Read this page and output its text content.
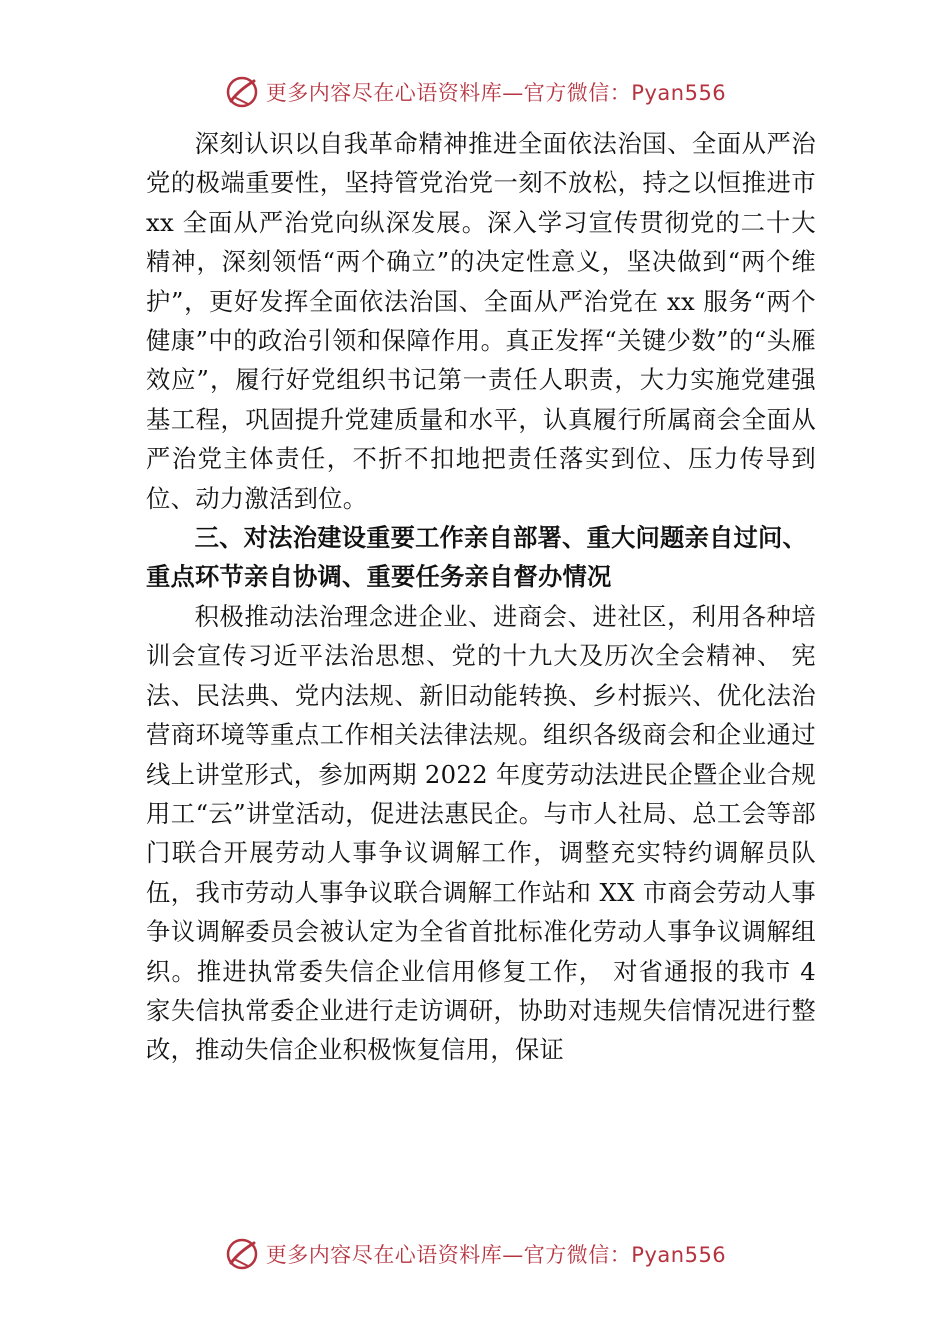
更多内容尽在心语资料库—官方微信：Pyan556

深刻认识以自我革命精神推进全面依法治国、全面从严治党的极端重要性，坚持管党治党一刻不放松，持之以恒推进市 xx 全面从严治党向纵深发展。深入学习宣传贯彻党的二十大精神，深刻领悟“两个确立”的决定性意义，坚决做到“两个维护”，更好发挥全面依法治国、全面从严治党在 xx 服务“两个健康”中的政治引领和保障作用。真正发挥“关键少数”的“头雁效应”，履行好党组织书记第一责任人职责，大力实施党建强基工程，巩固提升党建质量和水平，认真履行所属商会全面从严治党主体责任，不折不扣地把责任落实到位、压力传导到位、动力激活到位。

三、对法治建设重要工作亲自部署、重大问题亲自过问、重点环节亲自协调、重要任务亲自督办情况

积极推动法治理念进企业、进商会、进社区，利用各种培训会宣传习近平法治思想、党的十九大及历次全会精神、 宪法、民法典、党内法规、新旧动能转换、乡村振兴、优化法治营商环境等重点工作相关法律法规。组织各级商会和企业通过线上讲堂形式，参加两期 2022 年度劳动法进民企暨企业合规用工“云”讲堂活动，促进法惠民企。与市人社局、总工会等部门联合开展劳动人事争议调解工作，调整充实特约调解员队伍，我市劳动人事争议联合调解工作站和 XX 市商会劳动人事争议调解委员会被认定为全省首批标准化劳动人事争议调解组织。推进执常委失信企业信用修复工作， 对省通报的我市 4 家失信执常委企业进行走访调研，协助对违规失信情况进行整改，推动失信企业积极恢复信用，保证

更多内容尽在心语资料库—官方微信：Pyan556
